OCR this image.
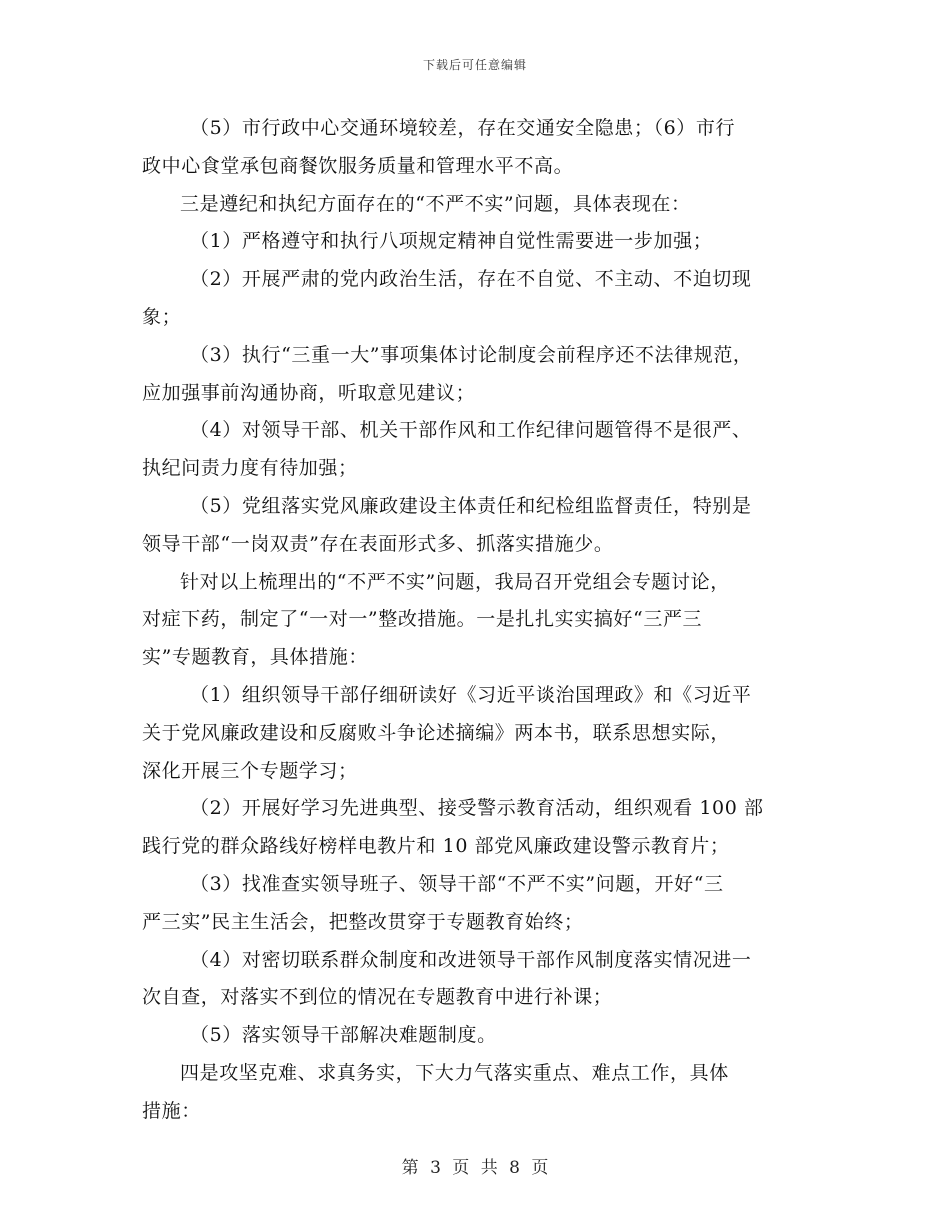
下载后可任意编辑
（5）市行政中心交通环境较差，存在交通安全隐患；（6）市行
政中心食堂承包商餐饮服务质量和管理水平不高。
三是遵纪和执纪方面存在的“不严不实”问题，具体表现在：
（1）严格遵守和执行八项规定精神自觉性需要进一步加强；
（2）开展严肃的党内政治生活，存在不自觉、不主动、不迫切现
象；
（3）执行“三重一大”事项集体讨论制度会前程序还不法律规范，
应加强事前沟通协商，听取意见建议；
（4）对领导干部、机关干部作风和工作纪律问题管得不是很严、
执纪问责力度有待加强；
（5）党组落实党风廉政建设主体责任和纪检组监督责任，特别是
领导干部“一岗双责”存在表面形式多、抓落实措施少。
针对以上梳理出的“不严不实”问题，我局召开党组会专题讨论，
对症下药，制定了“一对一”整改措施。一是扎扎实实搞好“三严三
实”专题教育，具体措施：
（1）组织领导干部仔细研读好《习近平谈治国理政》和《习近平
关于党风廉政建设和反腐败斗争论述摘编》两本书，联系思想实际，
深化开展三个专题学习；
（2）开展好学习先进典型、接受警示教育活动，组织观看 100 部
践行党的群众路线好榜样电教片和 10 部党风廉政建设警示教育片；
（3）找准查实领导班子、领导干部“不严不实”问题，开好“三
严三实”民主生活会，把整改贯穿于专题教育始终；
（4）对密切联系群众制度和改进领导干部作风制度落实情况进一
次自查，对落实不到位的情况在专题教育中进行补课；
（5）落实领导干部解决难题制度。
四是攻坚克难、求真务实，下大力气落实重点、难点工作，具体
措施：
第 3 页 共 8 页
